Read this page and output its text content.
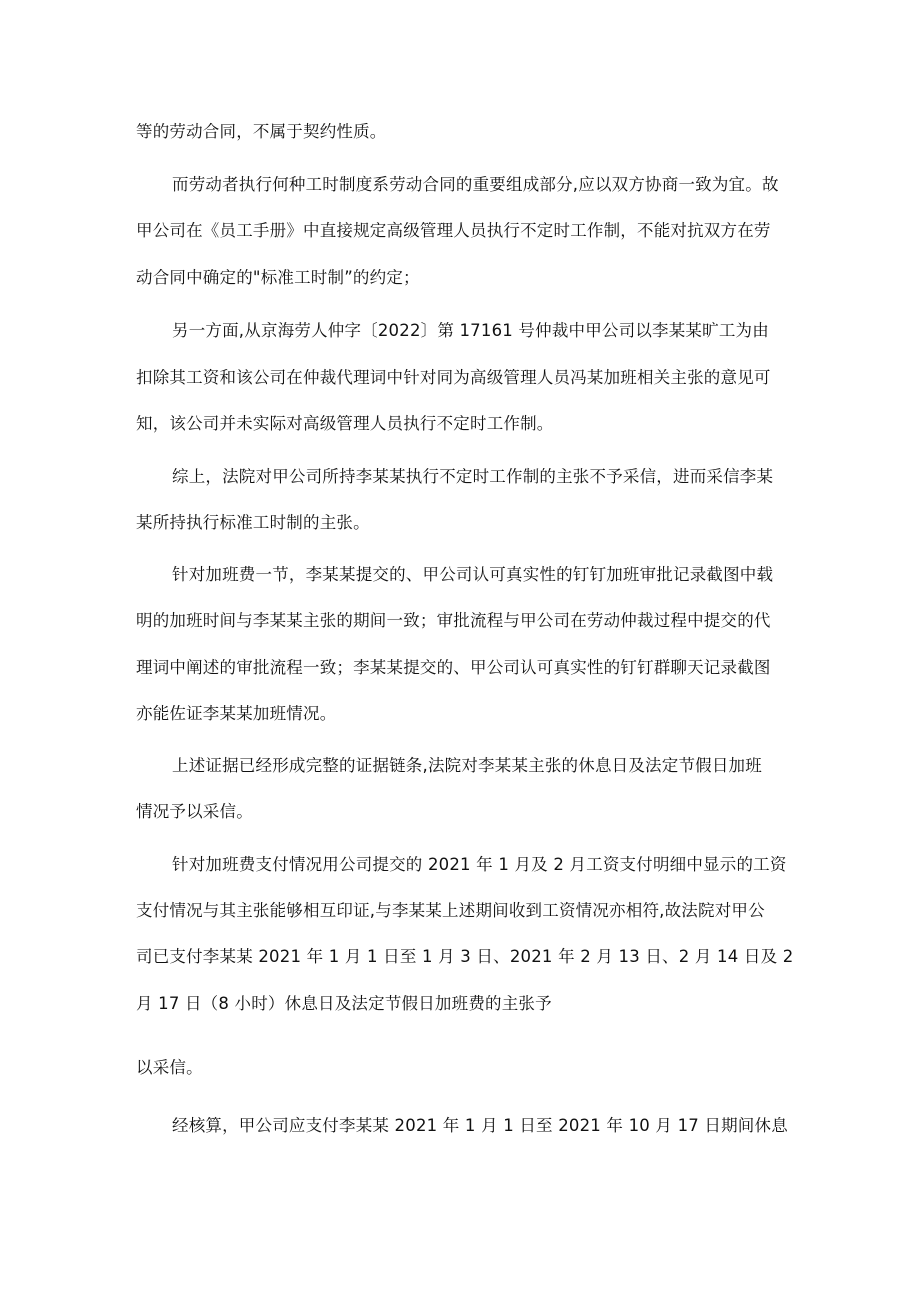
等的劳动合同，不属于契约性质。
而劳动者执行何种工时制度系劳动合同的重要组成部分,应以双方协商一致为宜。故
甲公司在《员工手册》中直接规定高级管理人员执行不定时工作制，不能对抗双方在劳
动合同中确定的"标准工时制”的约定；
另一方面,从京海劳人仲字〔2022〕第 17161 号仲裁中甲公司以李某某旷工为由
扣除其工资和该公司在仲裁代理词中针对同为高级管理人员冯某加班相关主张的意见可
知，该公司并未实际对高级管理人员执行不定时工作制。
综上，法院对甲公司所持李某某执行不定时工作制的主张不予采信，进而采信李某
某所持执行标准工时制的主张。
针对加班费一节，李某某提交的、甲公司认可真实性的钉钉加班审批记录截图中载
明的加班时间与李某某主张的期间一致；审批流程与甲公司在劳动仲裁过程中提交的代
理词中阐述的审批流程一致；李某某提交的、甲公司认可真实性的钉钉群聊天记录截图
亦能佐证李某某加班情况。
上述证据已经形成完整的证据链条,法院对李某某主张的休息日及法定节假日加班
情况予以采信。
针对加班费支付情况用公司提交的 2021 年 1 月及 2 月工资支付明细中显示的工资
支付情况与其主张能够相互印证,与李某某上述期间收到工资情况亦相符,故法院对甲公
司已支付李某某 2021 年 1 月 1 日至 1 月 3 日、2021 年 2 月 13 日、2 月 14 日及 2
月 17 日（8 小时）休息日及法定节假日加班费的主张予
以采信。
经核算，甲公司应支付李某某 2021 年 1 月 1 日至 2021 年 10 月 17 日期间休息
